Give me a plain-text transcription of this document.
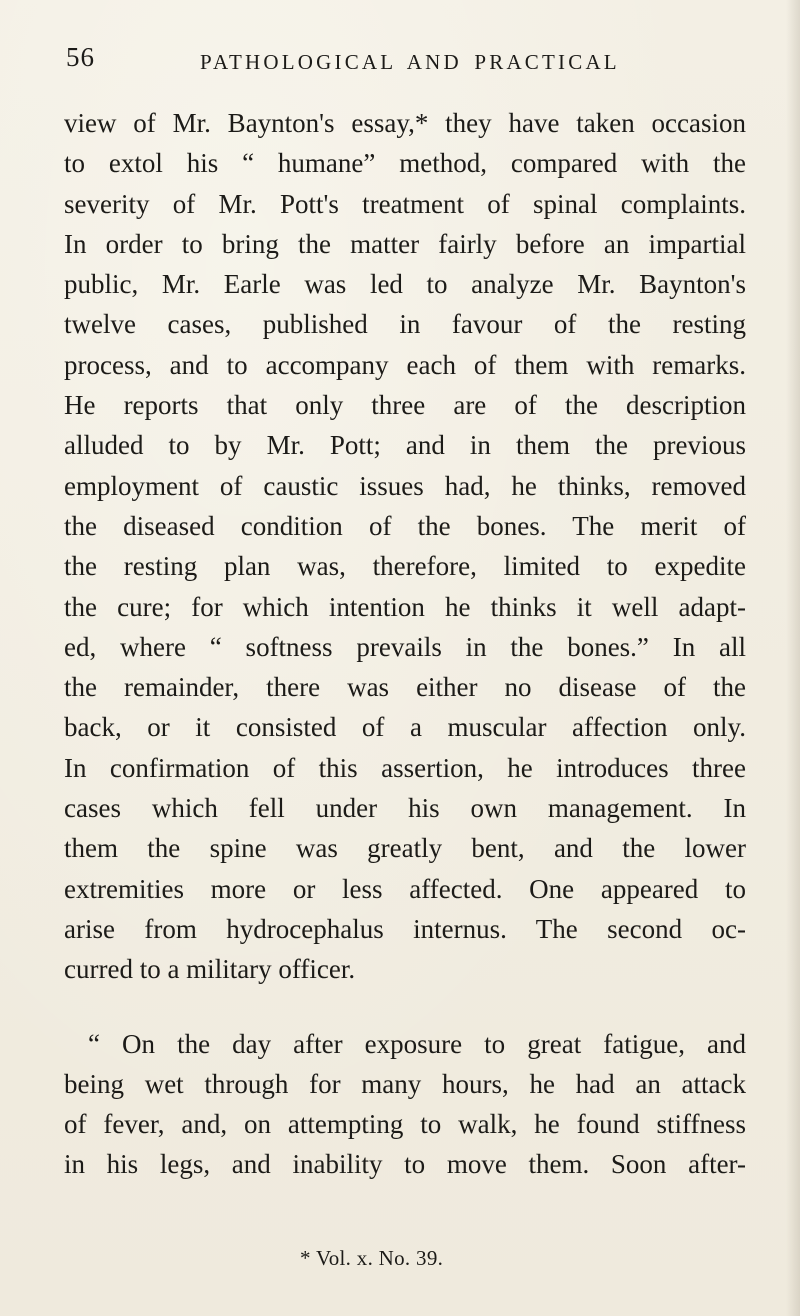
56	PATHOLOGICAL AND PRACTICAL
view of Mr. Baynton's essay,* they have taken occasion
to extol his “ humane” method, compared with the
severity of Mr. Pott's treatment of spinal complaints.
In order to bring the matter fairly before an impartial
public, Mr. Earle was led to analyze Mr. Baynton's
twelve cases, published in favour of the resting
process, and to accompany each of them with remarks.
He reports that only three are of the description
alluded to by Mr. Pott; and in them the previous
employment of caustic issues had, he thinks, removed
the diseased condition of the bones. The merit of
the resting plan was, therefore, limited to expedite
the cure; for which intention he thinks it well adapt-
ed, where “ softness prevails in the bones.” In all
the remainder, there was either no disease of the
back, or it consisted of a muscular affection only.
In confirmation of this assertion, he introduces three
cases which fell under his own management. In
them the spine was greatly bent, and the lower
extremities more or less affected. One appeared to
arise from hydrocephalus internus. The second oc-
curred to a military officer.
“ On the day after exposure to great fatigue, and
being wet through for many hours, he had an attack
of fever, and, on attempting to walk, he found stiffness
in his legs, and inability to move them. Soon after-
* Vol. x. No. 39.
